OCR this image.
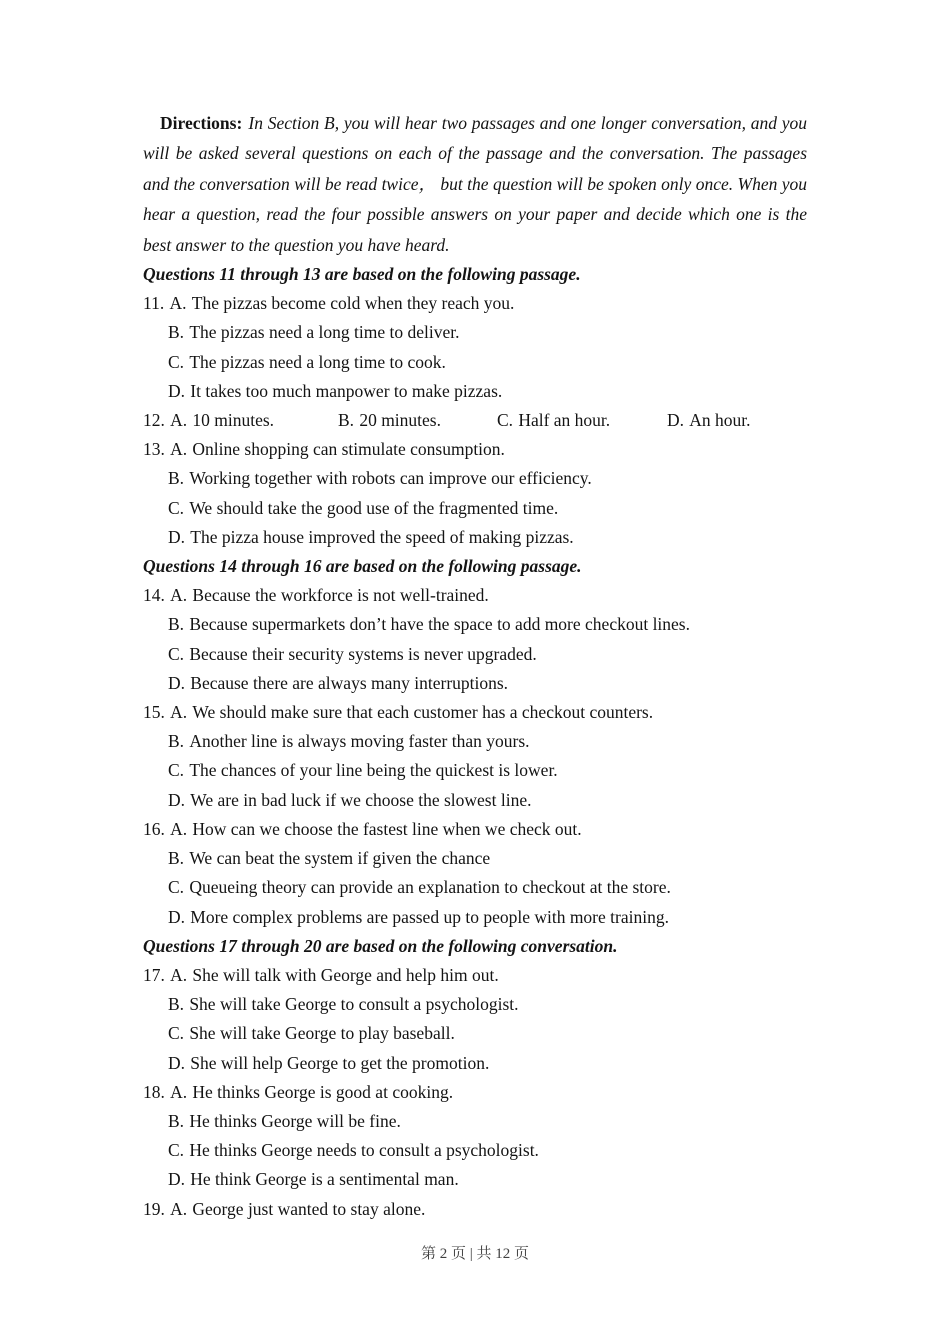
Directions: In Section B, you will hear two passages and one longer conversation, and you will be asked several questions on each of the passage and the conversation. The passages and the conversation will be read twice， but the question will be spoken only once. When you hear a question, read the four possible answers on your paper and decide which one is the best answer to the question you have heard.

Questions 11 through 13 are based on the following passage.
11. A. The pizzas become cold when they reach you.
B. The pizzas need a long time to deliver.
C. The pizzas need a long time to cook.
D. It takes too much manpower to make pizzas.
12. A. 10 minutes.	B. 20 minutes.	C. Half an hour.	D. An hour.
13. A. Online shopping can stimulate consumption.
B. Working together with robots can improve our efficiency.
C. We should take the good use of the fragmented time.
D. The pizza house improved the speed of making pizzas.
Questions 14 through 16 are based on the following passage.
14. A. Because the workforce is not well-trained.
B. Because supermarkets don’t have the space to add more checkout lines.
C. Because their security systems is never upgraded.
D. Because there are always many interruptions.
15. A. We should make sure that each customer has a checkout counters.
B. Another line is always moving faster than yours.
C. The chances of your line being the quickest is lower.
D. We are in bad luck if we choose the slowest line.
16. A. How can we choose the fastest line when we check out.
B. We can beat the system if given the chance
C. Queueing theory can provide an explanation to checkout at the store.
D. More complex problems are passed up to people with more training.
Questions 17 through 20 are based on the following conversation.
17. A. She will talk with George and help him out.
B. She will take George to consult a psychologist.
C. She will take George to play baseball.
D. She will help George to get the promotion.
18. A. He thinks George is good at cooking.
B. He thinks George will be fine.
C. He thinks George needs to consult a psychologist.
D. He think George is a sentimental man.
19. A. George just wanted to stay alone.
第 2 页 | 共 12 页
